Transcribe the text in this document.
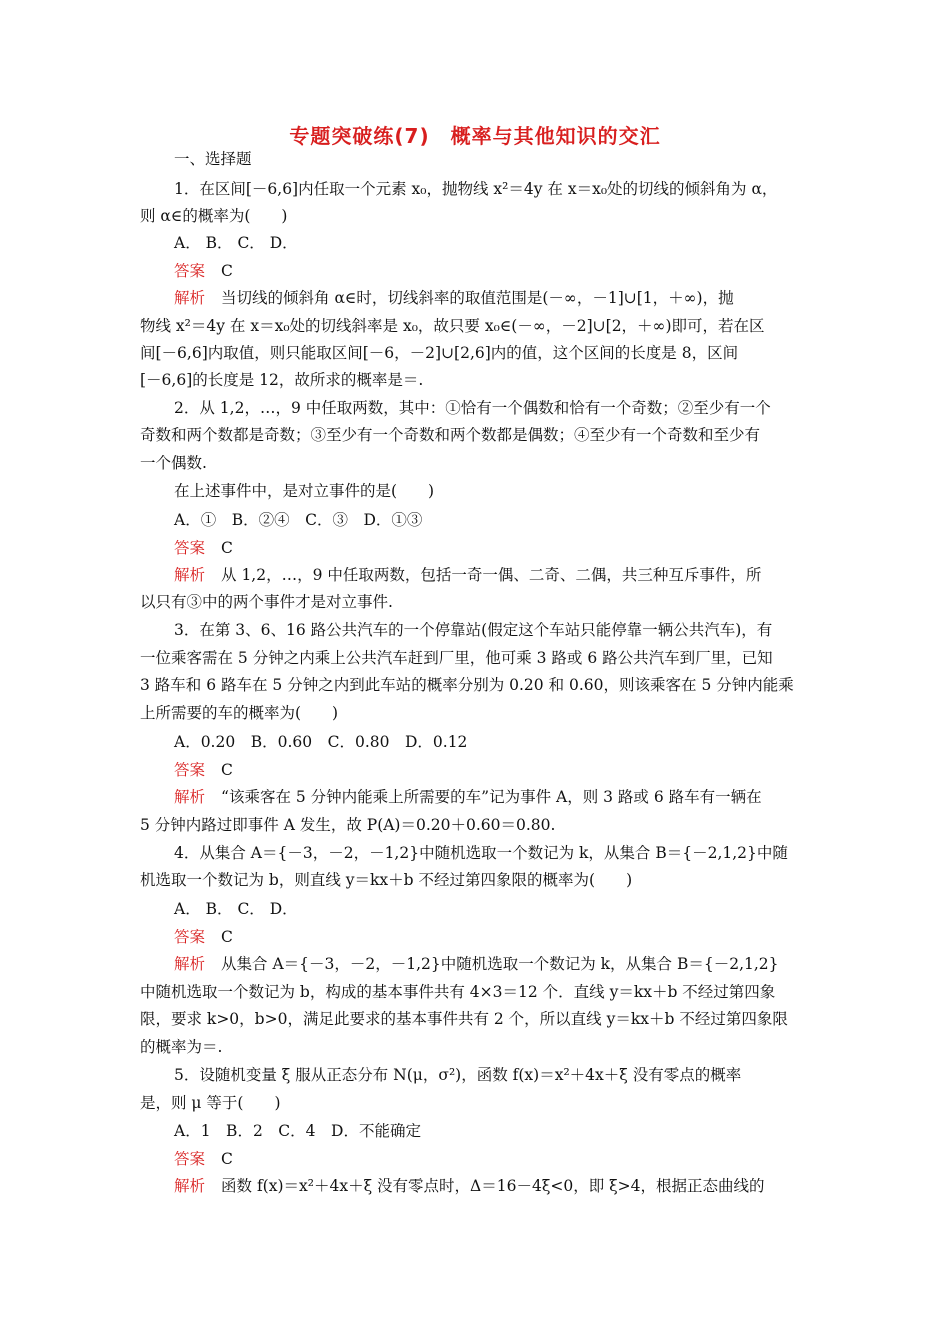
专题突破练(7)　概率与其他知识的交汇
一、选择题
1．在区间[－6,6]内任取一个元素 x₀，抛物线 x²＝4y 在 x＝x₀处的切线的倾斜角为 α，
则 α∈的概率为(　　)
A． B． C． D．
答案 C
解析 当切线的倾斜角 α∈时，切线斜率的取值范围是(－∞，－1]∪[1，＋∞)，抛
物线 x²＝4y 在 x＝x₀处的切线斜率是 x₀，故只要 x₀∈(－∞，－2]∪[2，＋∞)即可，若在区
间[－6,6]内取值，则只能取区间[－6，－2]∪[2,6]内的值，这个区间的长度是 8，区间
[－6,6]的长度是 12，故所求的概率是＝.
2．从 1,2，…，9 中任取两数，其中：①恰有一个偶数和恰有一个奇数；②至少有一个
奇数和两个数都是奇数；③至少有一个奇数和两个数都是偶数；④至少有一个奇数和至少有
一个偶数.
在上述事件中，是对立事件的是(　　)
A．①　B．②④　C．③　D．①③
答案 C
解析 从 1,2，…，9 中任取两数，包括一奇一偶、二奇、二偶，共三种互斥事件，所
以只有③中的两个事件才是对立事件.
3．在第 3、6、16 路公共汽车的一个停靠站(假定这个车站只能停靠一辆公共汽车)，有
一位乘客需在 5 分钟之内乘上公共汽车赶到厂里，他可乘 3 路或 6 路公共汽车到厂里，已知
3 路车和 6 路车在 5 分钟之内到此车站的概率分别为 0.20 和 0.60，则该乘客在 5 分钟内能乘
上所需要的车的概率为(　　)
A．0.20　B．0.60　C．0.80　D．0.12
答案 C
解析 “该乘客在 5 分钟内能乘上所需要的车”记为事件 A，则 3 路或 6 路车有一辆在
5 分钟内路过即事件 A 发生，故 P(A)＝0.20＋0.60＝0.80.
4．从集合 A＝{－3，－2，－1,2}中随机选取一个数记为 k，从集合 B＝{－2,1,2}中随
机选取一个数记为 b，则直线 y＝kx＋b 不经过第四象限的概率为(　　)
A． B． C． D．
答案 C
解析 从集合 A＝{－3，－2，－1,2}中随机选取一个数记为 k，从集合 B＝{－2,1,2}
中随机选取一个数记为 b，构成的基本事件共有 4×3＝12 个．直线 y＝kx＋b 不经过第四象
限，要求 k>0，b>0，满足此要求的基本事件共有 2 个，所以直线 y＝kx＋b 不经过第四象限
的概率为＝.
5．设随机变量 ξ 服从正态分布 N(μ，σ²)，函数 f(x)＝x²＋4x＋ξ 没有零点的概率
是，则 μ 等于(　　)
A．1　B．2　C．4　D．不能确定
答案 C
解析 函数 f(x)＝x²＋4x＋ξ 没有零点时，Δ＝16－4ξ<0，即 ξ>4，根据正态曲线的
